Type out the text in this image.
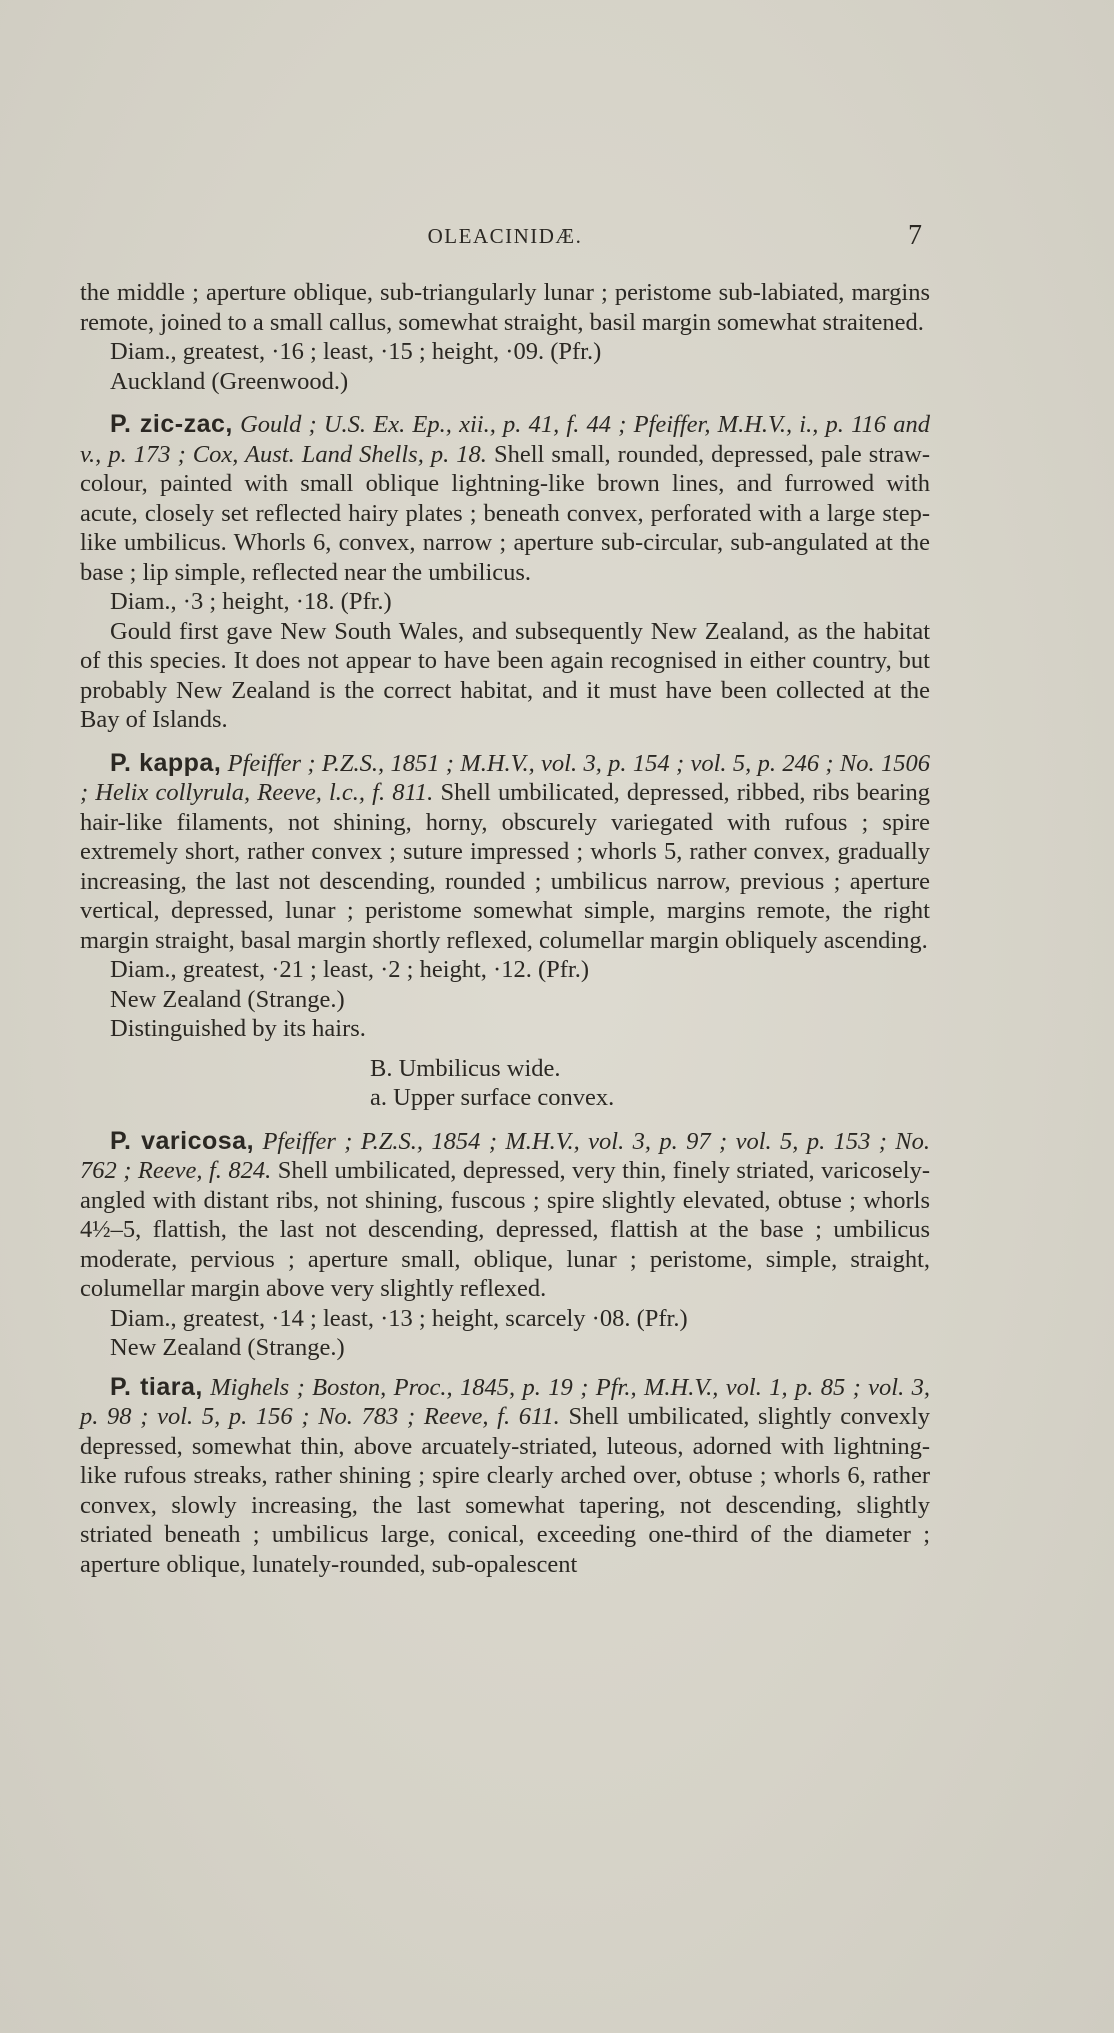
OLEACINIDÆ.	7

the middle ; aperture oblique, sub-triangularly lunar ; peristome sub-labiated, margins remote, joined to a small callus, somewhat straight, basil margin somewhat straitened.

Diam., greatest, ·16 ; least, ·15 ; height, ·09. (Pfr.)

Auckland (Greenwood.)

P. zic-zac, Gould ; U.S. Ex. Ep., xii., p. 41, f. 44 ; Pfeiffer, M.H.V., i., p. 116 and v., p. 173 ; Cox, Aust. Land Shells, p. 18. Shell small, rounded, depressed, pale straw-colour, painted with small oblique lightning-like brown lines, and furrowed with acute, closely set reflected hairy plates ; beneath convex, perforated with a large step-like umbilicus. Whorls 6, convex, narrow ; aperture sub-circular, sub-angulated at the base ; lip simple, reflected near the umbilicus.

Diam., ·3 ; height, ·18. (Pfr.)

Gould first gave New South Wales, and subsequently New Zealand, as the habitat of this species. It does not appear to have been again recognised in either country, but probably New Zealand is the correct habitat, and it must have been collected at the Bay of Islands.

P. kappa, Pfeiffer ; P.Z.S., 1851 ; M.H.V., vol. 3, p. 154 ; vol. 5, p. 246 ; No. 1506 ; Helix collyrula, Reeve, l.c., f. 811. Shell umbilicated, depressed, ribbed, ribs bearing hair-like filaments, not shining, horny, obscurely variegated with rufous ; spire extremely short, rather convex ; suture impressed ; whorls 5, rather convex, gradually increasing, the last not descending, rounded ; umbilicus narrow, previous ; aperture vertical, depressed, lunar ; peristome somewhat simple, margins remote, the right margin straight, basal margin shortly reflexed, columellar margin obliquely ascending.

Diam., greatest, ·21 ; least, ·2 ; height, ·12. (Pfr.)

New Zealand (Strange.)

Distinguished by its hairs.

B. Umbilicus wide.

a. Upper surface convex.

P. varicosa, Pfeiffer ; P.Z.S., 1854 ; M.H.V., vol. 3, p. 97 ; vol. 5, p. 153 ; No. 762 ; Reeve, f. 824. Shell umbilicated, depressed, very thin, finely striated, varicosely-angled with distant ribs, not shining, fuscous ; spire slightly elevated, obtuse ; whorls 4½–5, flattish, the last not descending, depressed, flattish at the base ; umbilicus moderate, pervious ; aperture small, oblique, lunar ; peristome, simple, straight, columellar margin above very slightly reflexed.

Diam., greatest, ·14 ; least, ·13 ; height, scarcely ·08. (Pfr.)

New Zealand (Strange.)

P. tiara, Mighels ; Boston, Proc., 1845, p. 19 ; Pfr., M.H.V., vol. 1, p. 85 ; vol. 3, p. 98 ; vol. 5, p. 156 ; No. 783 ; Reeve, f. 611. Shell umbilicated, slightly convexly depressed, somewhat thin, above arcuately-striated, luteous, adorned with lightning-like rufous streaks, rather shining ; spire clearly arched over, obtuse ; whorls 6, rather convex, slowly increasing, the last somewhat tapering, not descending, slightly striated beneath ; umbilicus large, conical, exceeding one-third of the diameter ; aperture oblique, lunately-rounded, sub-opalescent
